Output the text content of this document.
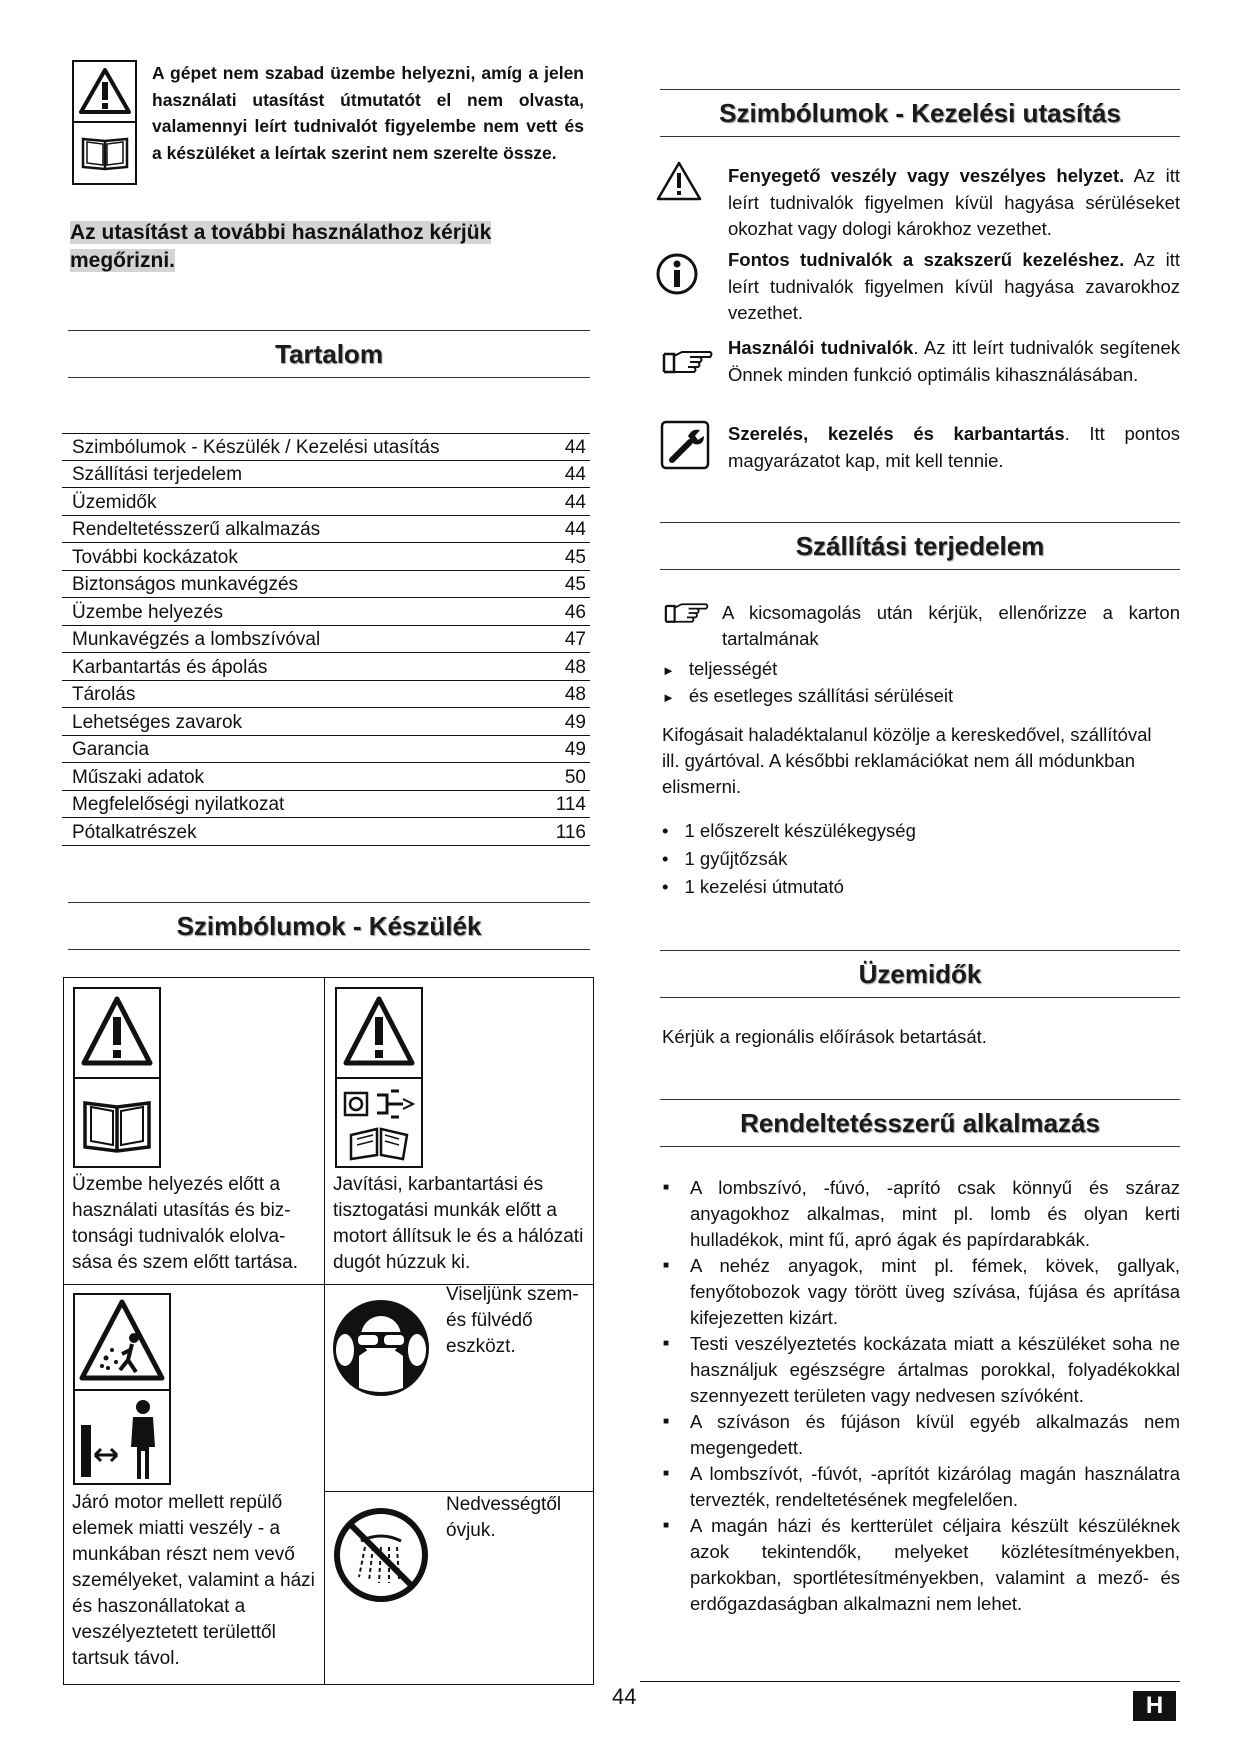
A gépet nem szabad üzembe helyezni, amíg a jelen használati utasítást útmutatót el nem olvasta, valamennyi leírt tudnivalót figyelembe nem vett és a készüléket a leírtak szerint nem szerelte össze.
Az utasítást a további használathoz kérjük megőrizni.
Tartalom
Szimbólumok - Készülék / Kezelési utasítás	44
Szállítási terjedelem	44
Üzemidők	44
Rendeltetésszerű alkalmazás	44
További kockázatok	45
Biztonságos munkavégzés	45
Üzembe helyezés	46
Munkavégzés a lombszívóval	47
Karbantartás és ápolás	48
Tárolás	48
Lehetséges zavarok	49
Garancia	49
Műszaki adatok	50
Megfelelőségi nyilatkozat	114
Pótalkatrészek	116
Szimbólumok - Készülék
Üzembe helyezés előtt a használati utasítás és biz-tonsági tudnivalók elolva-sása és szem előtt tartása.
Javítási, karbantartási és tisztogatási munkák előtt a motort állítsuk le és a hálózati dugót húzzuk ki.
Viseljünk szem- és fülvédő eszközt.
Járó motor mellett repülő elemek miatti veszély - a munkában részt nem vevő személyeket, valamint a házi és haszonállatokat a veszélyeztetett területtől tartsuk távol.
Nedvességtől óvjuk.
Szimbólumok - Kezelési utasítás
Fenyegető veszély vagy veszélyes helyzet. Az itt leírt tudnivalók figyelmen kívül hagyása sérüléseket okozhat vagy dologi károkhoz vezethet.
Fontos tudnivalók a szakszerű kezeléshez. Az itt leírt tudnivalók figyelmen kívül hagyása zavarokhoz vezethet.
Használói tudnivalók. Az itt leírt tudnivalók segítenek Önnek minden funkció optimális kihasználásában.
Szerelés, kezelés és karbantartás. Itt pontos magyarázatot kap, mit kell tennie.
Szállítási terjedelem
A kicsomagolás után kérjük, ellenőrizze a karton tartalmának
► teljességét
► és esetleges szállítási sérüléseit
Kifogásait haladéktalanul közölje a kereskedővel, szállítóval ill. gyártóval. A későbbi reklamációkat nem áll módunkban elismerni.
• 1 előszerelt készülékegység
• 1 gyűjtőzsák
• 1 kezelési útmutató
Üzemidők
Kérjük a regionális előírások betartását.
Rendeltetésszerű alkalmazás
■ A lombszívó, -fúvó, -aprító csak könnyű és száraz anyagokhoz alkalmas, mint pl. lomb és olyan kerti hulladékok, mint fű, apró ágak és papírdarabkák.
■ A nehéz anyagok, mint pl. fémek, kövek, gallyak, fenyőtobozok vagy törött üveg szívása, fújása és aprítása kifejezetten kizárt.
■ Testi veszélyeztetés kockázata miatt a készüléket soha ne használjuk egészségre ártalmas porokkal, folyadékokkal szennyezett területen vagy nedvesen szívóként.
■ A szíváson és fújáson kívül egyéb alkalmazás nem megengedett.
■ A lombszívót, -fúvót, -aprítót kizárólag magán használatra tervezték, rendeltetésének megfelelően.
■ A magán házi és kertterület céljaira készült készüléknek azok tekintendők, melyeket közlétesítményekben, parkokban, sportlétesítményekben, valamint a mező- és erdőgazdaságban alkalmazni nem lehet.
44	H
